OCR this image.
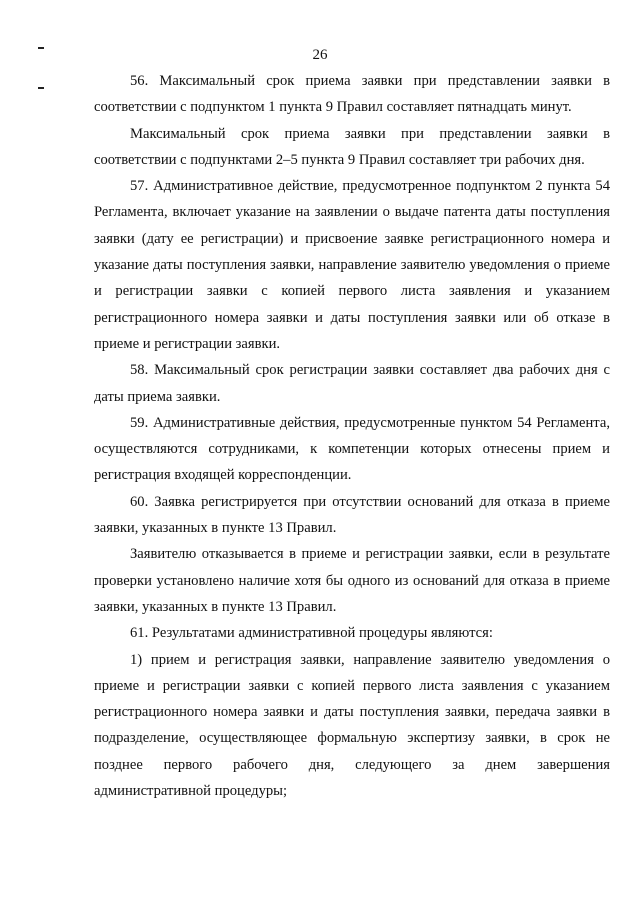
26

56. Максимальный срок приема заявки при представлении заявки в соответствии с подпунктом 1 пункта 9 Правил составляет пятнадцать минут.

Максимальный срок приема заявки при представлении заявки в соответствии с подпунктами 2–5 пункта 9 Правил составляет три рабочих дня.

57. Административное действие, предусмотренное подпунктом 2 пункта 54 Регламента, включает указание на заявлении о выдаче патента даты поступления заявки (дату ее регистрации) и присвоение заявке регистрационного номера и указание даты поступления заявки, направление заявителю уведомления о приеме и регистрации заявки с копией первого листа заявления и указанием регистрационного номера заявки и даты поступления заявки или об отказе в приеме и регистрации заявки.

58. Максимальный срок регистрации заявки составляет два рабочих дня с даты приема заявки.

59. Административные действия, предусмотренные пунктом 54 Регламента, осуществляются сотрудниками, к компетенции которых отнесены прием и регистрация входящей корреспонденции.

60. Заявка регистрируется при отсутствии оснований для отказа в приеме заявки, указанных в пункте 13 Правил.

Заявителю отказывается в приеме и регистрации заявки, если в результате проверки установлено наличие хотя бы одного из оснований для отказа в приеме заявки, указанных в пункте 13 Правил.

61. Результатами административной процедуры являются:

1) прием и регистрация заявки, направление заявителю уведомления о приеме и регистрации заявки с копией первого листа заявления с указанием регистрационного номера заявки и даты поступления заявки, передача заявки в подразделение, осуществляющее формальную экспертизу заявки, в срок не позднее первого рабочего дня, следующего за днем завершения административной процедуры;
